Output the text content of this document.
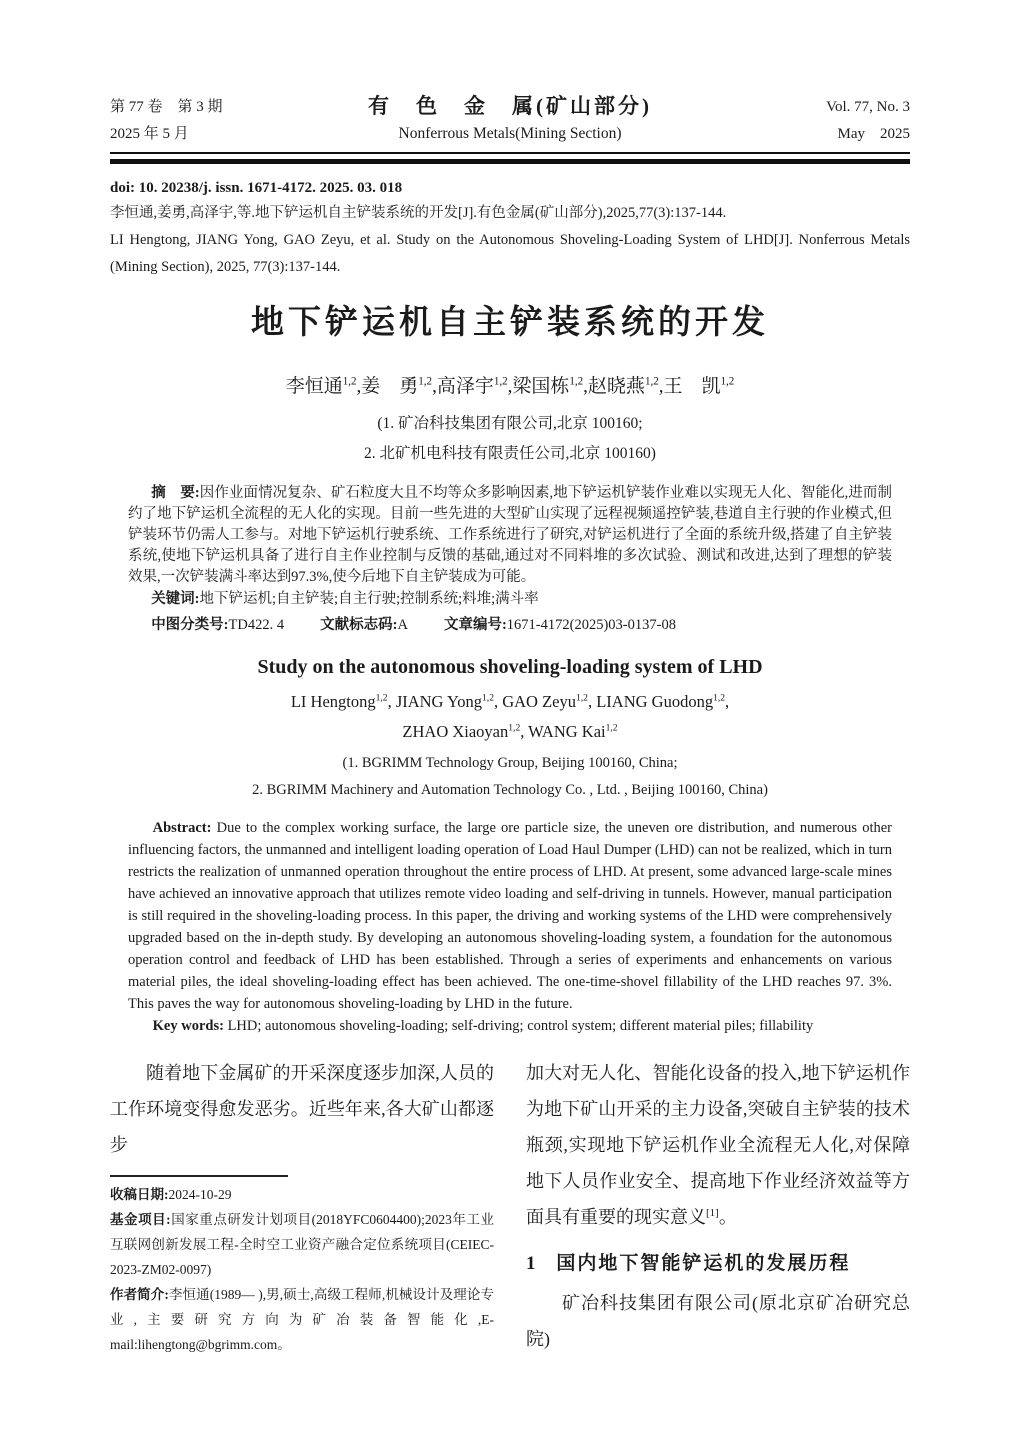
第 77 卷　第 3 期
2025 年 5 月
有　色　金　属(矿山部分)
Nonferrous Metals(Mining Section)
Vol. 77, No. 3
May　2025

doi: 10. 20238/j. issn. 1671-4172. 2025. 03. 018

李恒通,姜勇,高泽宇,等.地下铲运机自主铲装系统的开发[J].有色金属(矿山部分),2025,77(3):137-144.

LI Hengtong, JIANG Yong, GAO Zeyu, et al. Study on the Autonomous Shoveling-Loading System of LHD[J]. Nonferrous Metals (Mining Section), 2025, 77(3):137-144.

地下铲运机自主铲装系统的开发

李恒通$^{1,2}$,姜　勇$^{1,2}$,高泽宇$^{1,2}$,梁国栋$^{1,2}$,赵晓燕$^{1,2}$,王　凯$^{1,2}$

(1. 矿冶科技集团有限公司,北京 100160;
2. 北矿机电科技有限责任公司,北京 100160)

摘　要:因作业面情况复杂、矿石粒度大且不均等众多影响因素,地下铲运机铲装作业难以实现无人化、智能化,进而制约了地下铲运机全流程的无人化的实现。目前一些先进的大型矿山实现了远程视频遥控铲装,巷道自主行驶的作业模式,但铲装环节仍需人工参与。对地下铲运机行驶系统、工作系统进行了研究,对铲运机进行了全面的系统升级,搭建了自主铲装系统,使地下铲运机具备了进行自主作业控制与反馈的基础,通过对不同料堆的多次试验、测试和改进,达到了理想的铲装效果,一次铲装满斗率达到97.3%,使今后地下自主铲装成为可能。

关键词:地下铲运机;自主铲装;自主行驶;控制系统;料堆;满斗率

中图分类号:TD422. 4 文献标志码:A 文章编号:1671-4172(2025)03-0137-08

Study on the autonomous shoveling-loading system of LHD

LI Hengtong$^{1,2}$, JIANG Yong$^{1,2}$, GAO Zeyu$^{1,2}$, LIANG Guodong$^{1,2}$,

ZHAO Xiaoyan$^{1,2}$, WANG Kai$^{1,2}$

(1. BGRIMM Technology Group, Beijing 100160, China;
2. BGRIMM Machinery and Automation Technology Co. , Ltd. , Beijing 100160, China)

Abstract: Due to the complex working surface, the large ore particle size, the uneven ore distribution, and numerous other influencing factors, the unmanned and intelligent loading operation of Load Haul Dumper (LHD) can not be realized, which in turn restricts the realization of unmanned operation throughout the entire process of LHD. At present, some advanced large-scale mines have achieved an innovative approach that utilizes remote video loading and self-driving in tunnels. However, manual participation is still required in the shoveling-loading process. In this paper, the driving and working systems of the LHD were comprehensively upgraded based on the in-depth study. By developing an autonomous shoveling-loading system, a foundation for the autonomous operation control and feedback of LHD has been established. Through a series of experiments and enhancements on various material piles, the ideal shoveling-loading effect has been achieved. The one-time-shovel fillability of the LHD reaches 97. 3%. This paves the way for autonomous shoveling-loading by LHD in the future.

Key words: LHD; autonomous shoveling-loading; self-driving; control system; different material piles; fillability

随着地下金属矿的开采深度逐步加深,人员的工作环境变得愈发恶劣。近些年来,各大矿山都逐步

收稿日期:2024-10-29

基金项目:国家重点研发计划项目(2018YFC0604400);2023年工业互联网创新发展工程-全时空工业资产融合定位系统项目(CEIEC-2023-ZM02-0097)

作者简介:李恒通(1989— ),男,硕士,高级工程师,机械设计及理论专业,主要研究方向为矿冶装备智能化,E-mail:lihengtong@bgrimm.com。

加大对无人化、智能化设备的投入,地下铲运机作为地下矿山开采的主力设备,突破自主铲装的技术瓶颈,实现地下铲运机作业全流程无人化,对保障地下人员作业安全、提高地下作业经济效益等方面具有重要的现实意义[1]。

1 国内地下智能铲运机的发展历程

矿冶科技集团有限公司(原北京矿冶研究总院)
